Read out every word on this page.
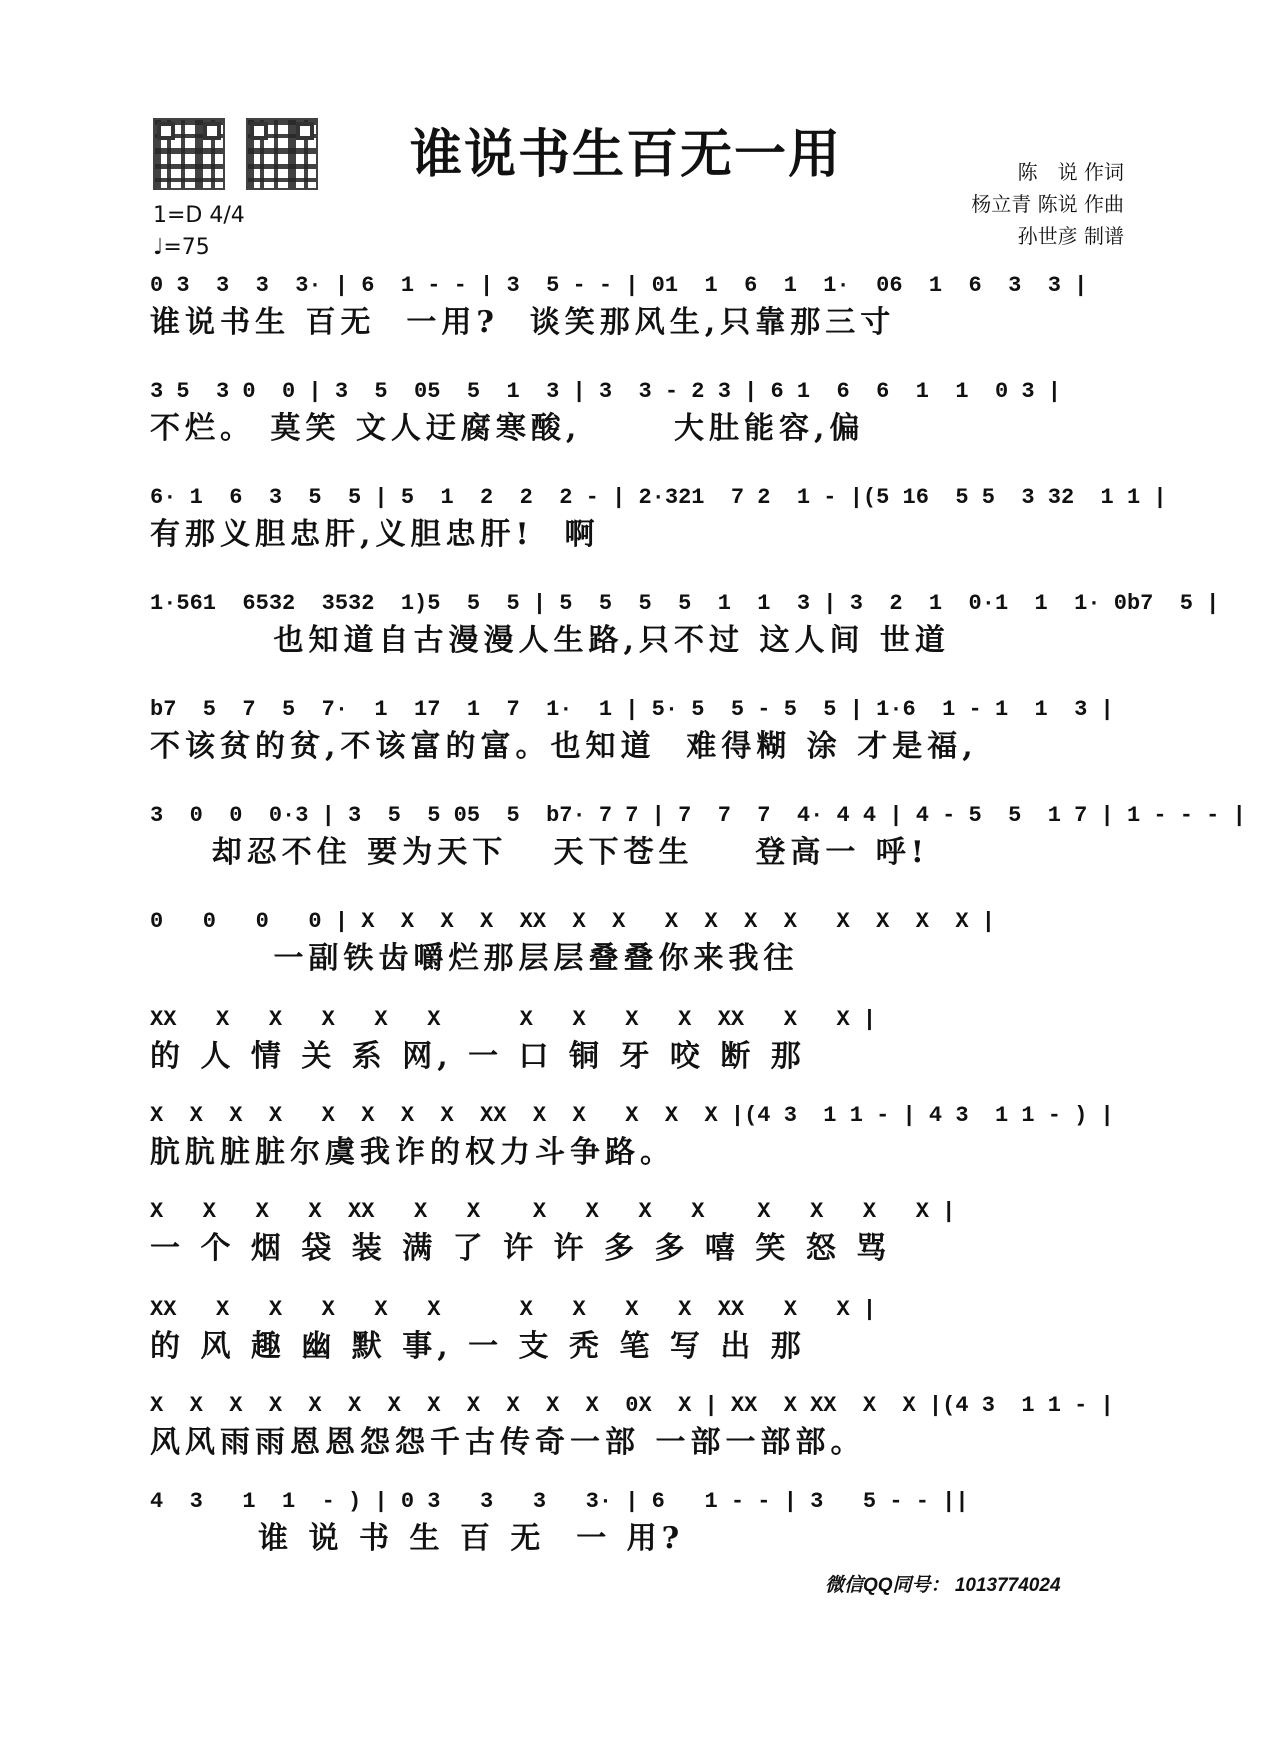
谁说书生百无一用	陈　说 作词
杨立青 陈说 作曲
孙世彦 制谱
1=D 4/4
♩=75
0 3  3  3  3· | 6  1 - - | 3  5 - - | 01  1  6  1  1·  06  1  6  3  3 |
谁说书生 百无  一用?  谈笑那风生,只靠那三寸
3 5  3 0  0 | 3  5  05  5  1  3 | 3  3 - 2 3 | 6 1  6  6  1  1  0 3 |
不烂。 莫笑 文人迂腐寒酸,      大肚能容,偏
6· 1  6  3  5  5 | 5  1  2  2  2 - | 2·321  7 2  1 - |(5 16  5 5  3 32  1 1 |
有那义胆忠肝,义胆忠肝!  啊
1·561  6532  3532  1)5  5  5 | 5  5  5  5  1  1  3 | 3  2  1  0·1  1  1· 0b7  5 |
也知道自古漫漫人生路,只不过 这人间 世道
b7  5  7  5  7·  1  17  1  7  1·  1 | 5· 5  5 - 5  5 | 1·6  1 - 1  1  3 |
不该贫的贫,不该富的富。也知道  难得糊 涂 才是福,
3  0  0  0·3 | 3  5  5 05  5  b7· 7 7 | 7  7  7  4· 4 4 | 4 - 5  5  1 7 | 1 - - - |
却忍不住 要为天下   天下苍生    登高一 呼!
0   0   0   0 | X  X  X  X  XX  X  X   X  X  X  X   X  X  X  X |
一副铁齿嚼烂那层层叠叠你来我往
XX   X   X   X   X   X      X   X   X   X  XX   X   X |
的 人 情 关 系 网, 一 口 铜 牙 咬 断 那
X  X  X  X   X  X  X  X  XX  X  X   X  X  X |(4 3  1 1 - | 4 3  1 1 - ) |
肮肮脏脏尔虞我诈的权力斗争路。
X   X   X   X  XX   X   X    X   X   X   X    X   X   X   X |
一 个 烟 袋 装 满 了 许 许 多 多 嘻 笑 怒 骂
XX   X   X   X   X   X      X   X   X   X  XX   X   X |
的 风 趣 幽 默 事, 一 支 秃 笔 写 出 那
X  X  X  X  X  X  X  X  X  X  X  X  0X  X | XX  X XX  X  X |(4 3  1 1 - |
风风雨雨恩恩怨怨千古传奇一部 一部一部部。
4  3   1  1  - ) | 0 3   3   3   3· | 6   1 - - | 3   5 - - ||
谁 说 书 生 百 无  一 用?
微信QQ同号： 1013774024
